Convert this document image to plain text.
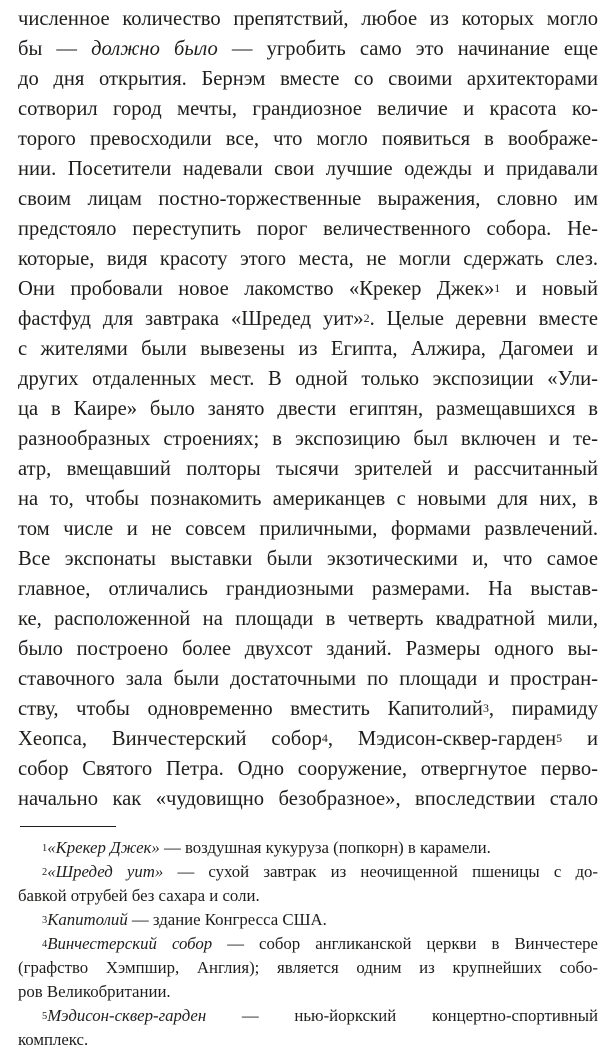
численное количество препятствий, любое из которых могло
бы — должно было — угробить само это начинание еще
до дня открытия. Бернэм вместе со своими архитекторами
сотворил город мечты, грандиозное величие и красота ко-
торого превосходили все, что могло появиться в воображе-
нии. Посетители надевали свои лучшие одежды и придавали
своим лицам постно-торжественные выражения, словно им
предстояло переступить порог величественного собора. Не-
которые, видя красоту этого места, не могли сдержать слез.
Они пробовали новое лакомство «Крекер Джек»$^1$ и новый
фастфуд для завтрака «Шредед уит»$^2$. Целые деревни вместе
с жителями были вывезены из Египта, Алжира, Дагомеи и
других отдаленных мест. В одной только экспозиции «Ули-
ца в Каире» было занято двести египтян, размещавшихся в
разнообразных строениях; в экспозицию был включен и те-
атр, вмещавший полторы тысячи зрителей и рассчитанный
на то, чтобы познакомить американцев с новыми для них, в
том числе и не совсем приличными, формами развлечений.
Все экспонаты выставки были экзотическими и, что самое
главное, отличались грандиозными размерами. На выстав-
ке, расположенной на площади в четверть квадратной мили,
было построено более двухсот зданий. Размеры одного вы-
ставочного зала были достаточными по площади и простран-
ству, чтобы одновременно вместить Капитолий$^3$, пирамиду
Хеопса, Винчестерский собор$^4$, Мэдисон-сквер-гарден$^5$ и
собор Святого Петра. Одно сооружение, отвергнутое перво-
начально как «чудовищно безобразное», впоследствии стало
$^1$«Крекер Джек» — воздушная кукуруза (попкорн) в карамели.
$^2$«Шредед уит» — сухой завтрак из неочищенной пшеницы с до-
бавкой отрубей без сахара и соли.
$^3$Капитолий — здание Конгресса США.
$^4$Винчестерский собор — собор англиканской церкви в Винчестере
(графство Хэмпшир, Англия); является одним из крупнейших собо-
ров Великобритании.
$^5$Мэдисон-сквер-гарден — нью-йоркский концертно-спортивный
комплекс.
